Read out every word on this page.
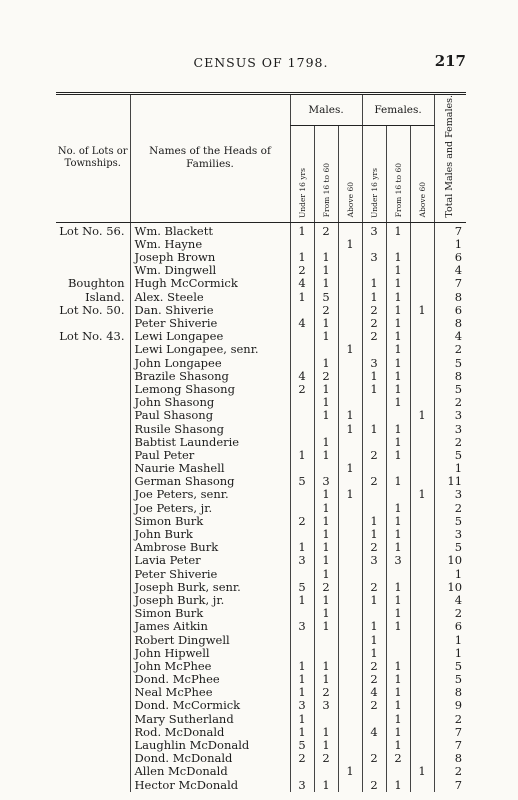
CENSUS OF 1798.	217
No. of Lots or Townships.	Names of the Heads of Families.	Males.			Females.			Total Males and Females.

		Under 16 yrs	From 16 to 60	Above 60	Under 16 yrs	From 16 to 60	Above 60	

Lot No. 56.	Wm. Blackett	1	2		3	1		7
	Wm. Hayne			1				1
	Joseph Brown	1	1		3	1		6
	Wm. Dingwell	2	1			1		4
Boughton	Hugh McCormick	4	1		1	1		7
Island.	Alex. Steele	1	5		1	1		8
Lot No. 50.	Dan. Shiverie		2		2	1	1	6
	Peter Shiverie	4	1		2	1		8
Lot No. 43.	Lewi Longapee		1		2	1		4
	Lewi Longapee, senr.			1		1		2
	John Longapee		1		3	1		5
	Brazile Shasong	4	2		1	1		8
	Lemong Shasong	2	1		1	1		5
	John Shasong		1			1		2
	Paul Shasong		1	1			1	3
	Rusile Shasong			1	1	1		3
	Babtist Launderie		1			1		2
	Paul Peter	1	1		2	1		5
	Naurie Mashell			1				1
	German Shasong	5	3		2	1		11
	Joe Peters, senr.		1	1			1	3
	Joe Peters, jr.		1			1		2
	Simon Burk	2	1		1	1		5
	John Burk		1		1	1		3
	Ambrose Burk	1	1		2	1		5
	Lavia Peter	3	1		3	3		10
	Peter Shiverie		1					1
	Joseph Burk, senr.	5	2		2	1		10
	Joseph Burk, jr.	1	1		1	1		4
	Simon Burk		1			1		2
	James Aitkin	3	1		1	1		6
	Robert Dingwell				1			1
	John Hipwell				1			1
	John McPhee	1	1		2	1		5
	Dond. McPhee	1	1		2	1		5
	Neal McPhee	1	2		4	1		8
	Dond. McCormick	3	3		2	1		9
	Mary Sutherland	1				1		2
	Rod. McDonald	1	1		4	1		7
	Laughlin McDonald	5	1			1		7
	Dond. McDonald	2	2		2	2		8
	Allen McDonald			1			1	2
	Hector McDonald	3	1		2	1		7
